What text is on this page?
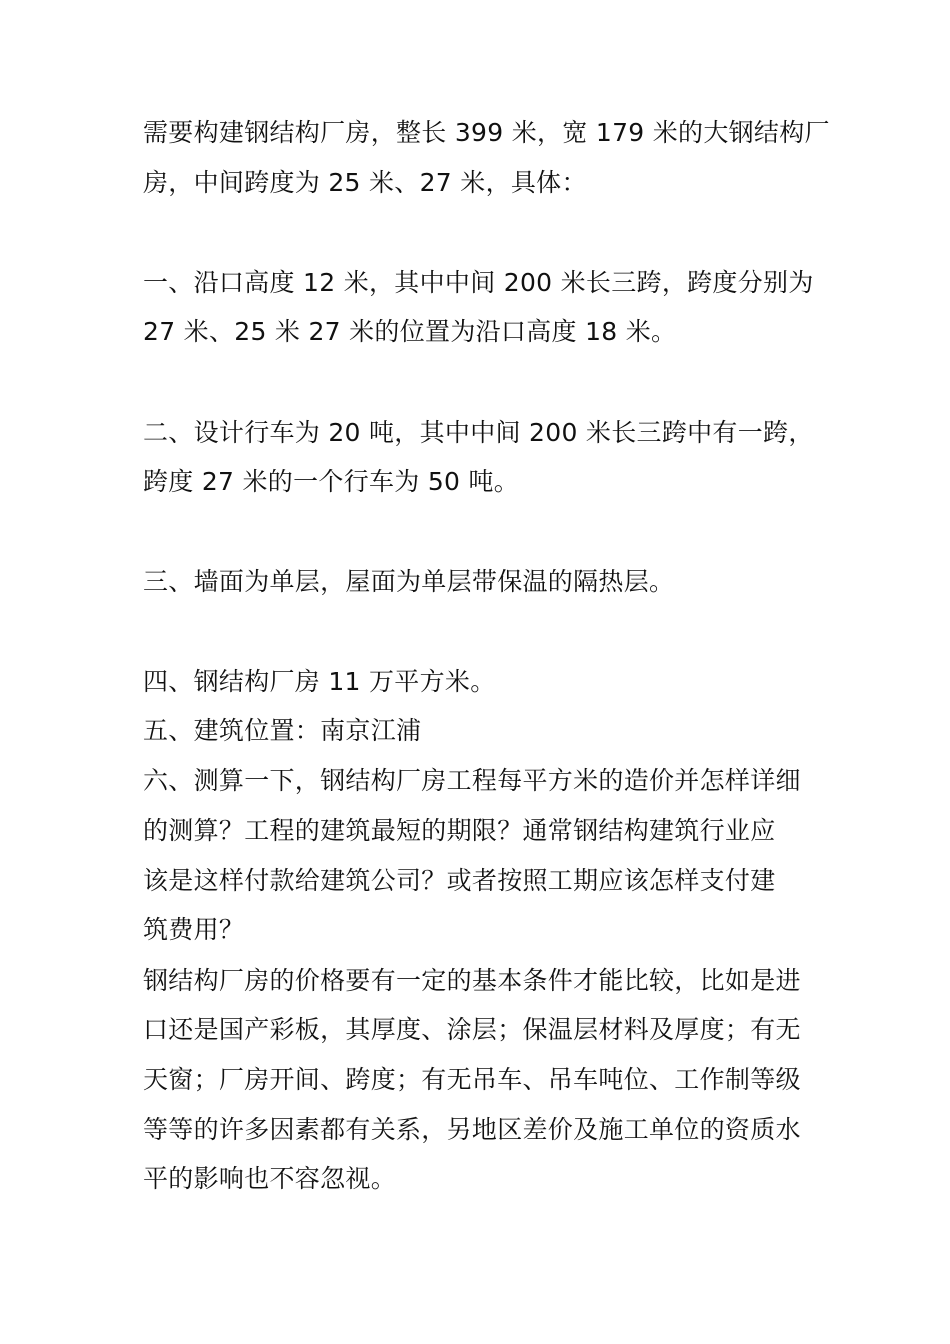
需要构建钢结构厂房，整长 399 米，宽 179 米的大钢结构厂
房，中间跨度为 25 米、27 米，具体：
一、沿口高度 12 米，其中中间 200 米长三跨，跨度分别为
27 米、25 米 27 米的位置为沿口高度 18 米。
二、设计行车为 20 吨，其中中间 200 米长三跨中有一跨，
跨度 27 米的一个行车为 50 吨。
三、墙面为单层，屋面为单层带保温的隔热层。
四、钢结构厂房 11 万平方米。
五、建筑位置：南京江浦
六、测算一下，钢结构厂房工程每平方米的造价并怎样详细
的测算？工程的建筑最短的期限？通常钢结构建筑行业应
该是这样付款给建筑公司？或者按照工期应该怎样支付建
筑费用？
钢结构厂房的价格要有一定的基本条件才能比较，比如是进
口还是国产彩板，其厚度、涂层；保温层材料及厚度；有无
天窗；厂房开间、跨度；有无吊车、吊车吨位、工作制等级
等等的许多因素都有关系，另地区差价及施工单位的资质水
平的影响也不容忽视。
